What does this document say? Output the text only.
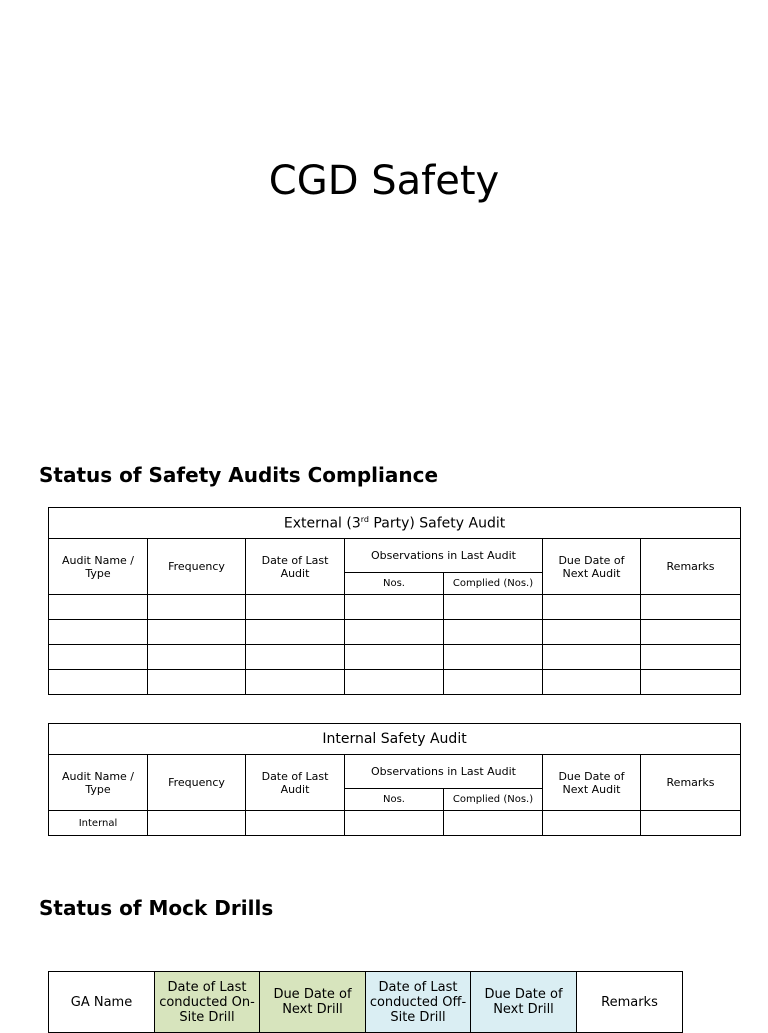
CGD Safety
Status of Safety Audits Compliance
External (3rd Party) Safety Audit						
Audit Name / Type	Frequency	Date of Last Audit	Observations in Last Audit		Due Date of Next Audit	Remarks
			Nos.	Complied (Nos.)		

Internal Safety Audit						
Audit Name / Type	Frequency	Date of Last Audit	Observations in Last Audit		Due Date of Next Audit	Remarks
			Nos.	Complied (Nos.)		
Internal						
Status of Mock Drills
GA Name	Date of Last conducted On-Site Drill	Due Date of Next Drill	Date of Last conducted Off-Site Drill	Due Date of Next Drill	Remarks
